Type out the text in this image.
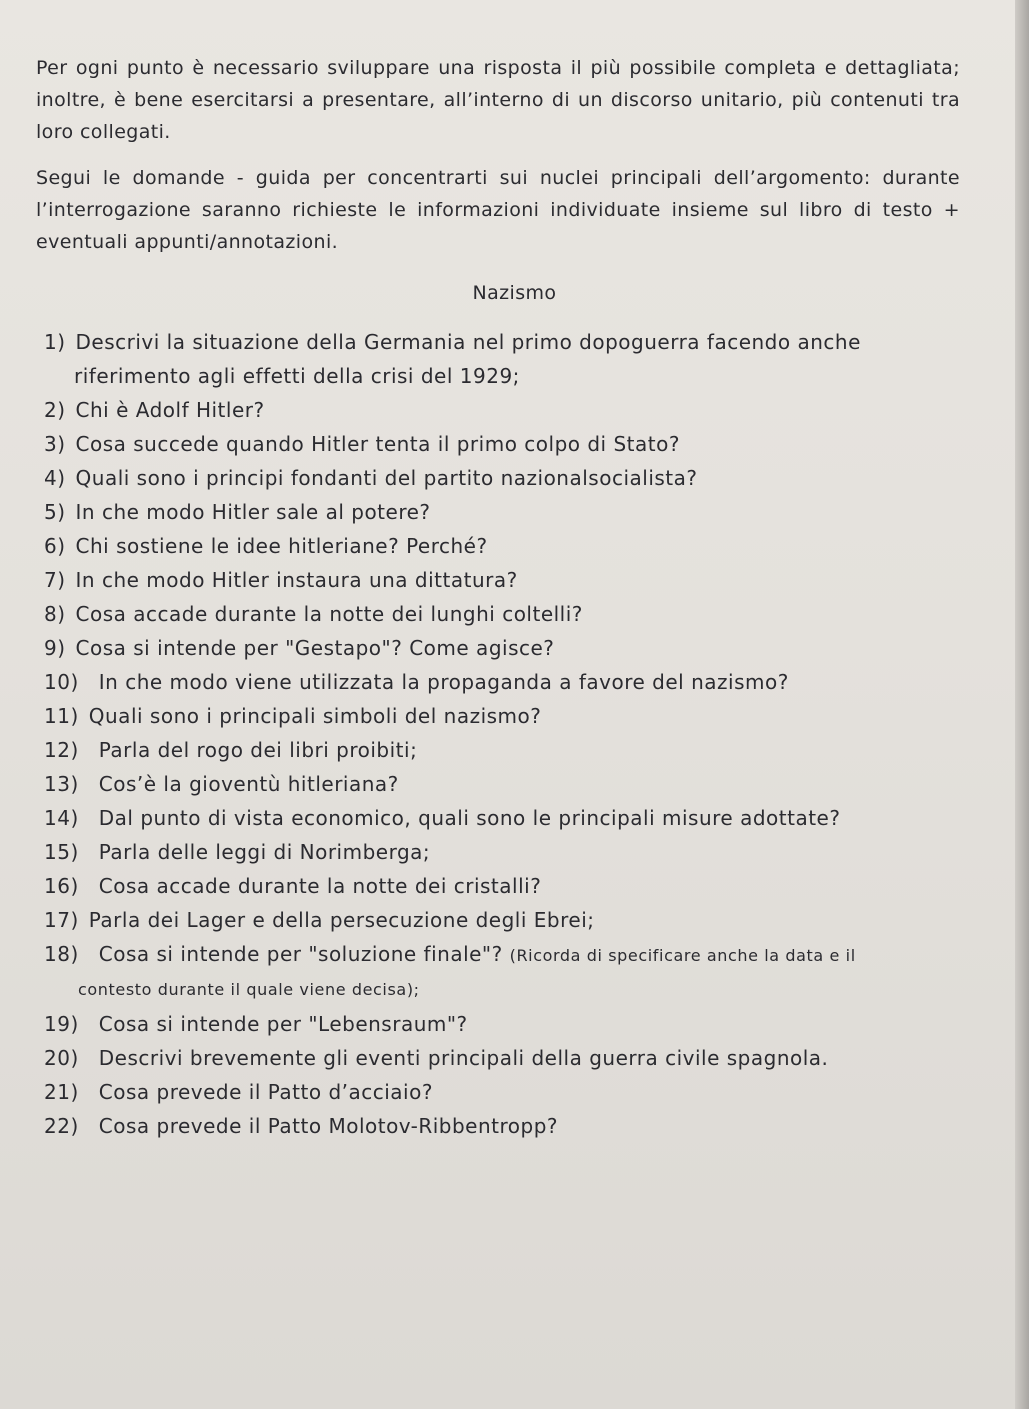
Per ogni punto è necessario sviluppare una risposta il più possibile completa e dettagliata; inoltre, è bene esercitarsi a presentare, all’interno di un discorso unitario, più contenuti tra loro collegati.

Segui le domande - guida per concentrarti sui nuclei principali dell’argomento: durante l’interrogazione saranno richieste le informazioni individuate insieme sul libro di testo + eventuali appunti/annotazioni.

Nazismo
1) Descrivi la situazione della Germania nel primo dopoguerra facendo anche
riferimento agli effetti della crisi del 1929;
2) Chi è Adolf Hitler?
3) Cosa succede quando Hitler tenta il primo colpo di Stato?
4) Quali sono i principi fondanti del partito nazionalsocialista?
5) In che modo Hitler sale al potere?
6) Chi sostiene le idee hitleriane? Perché?
7) In che modo Hitler instaura una dittatura?
8) Cosa accade durante la notte dei lunghi coltelli?
9) Cosa si intende per "Gestapo"? Come agisce?
10) In che modo viene utilizzata la propaganda a favore del nazismo?
11) Quali sono i principali simboli del nazismo?
12) Parla del rogo dei libri proibiti;
13) Cos’è la gioventù hitleriana?
14) Dal punto di vista economico, quali sono le principali misure adottate?
15) Parla delle leggi di Norimberga;
16) Cosa accade durante la notte dei cristalli?
17) Parla dei Lager e della persecuzione degli Ebrei;
18) Cosa si intende per "soluzione finale"? (Ricorda di specificare anche la data e il
contesto durante il quale viene decisa);
19) Cosa si intende per "Lebensraum"?
20) Descrivi brevemente gli eventi principali della guerra civile spagnola.
21) Cosa prevede il Patto d’acciaio?
22) Cosa prevede il Patto Molotov-Ribbentropp?
